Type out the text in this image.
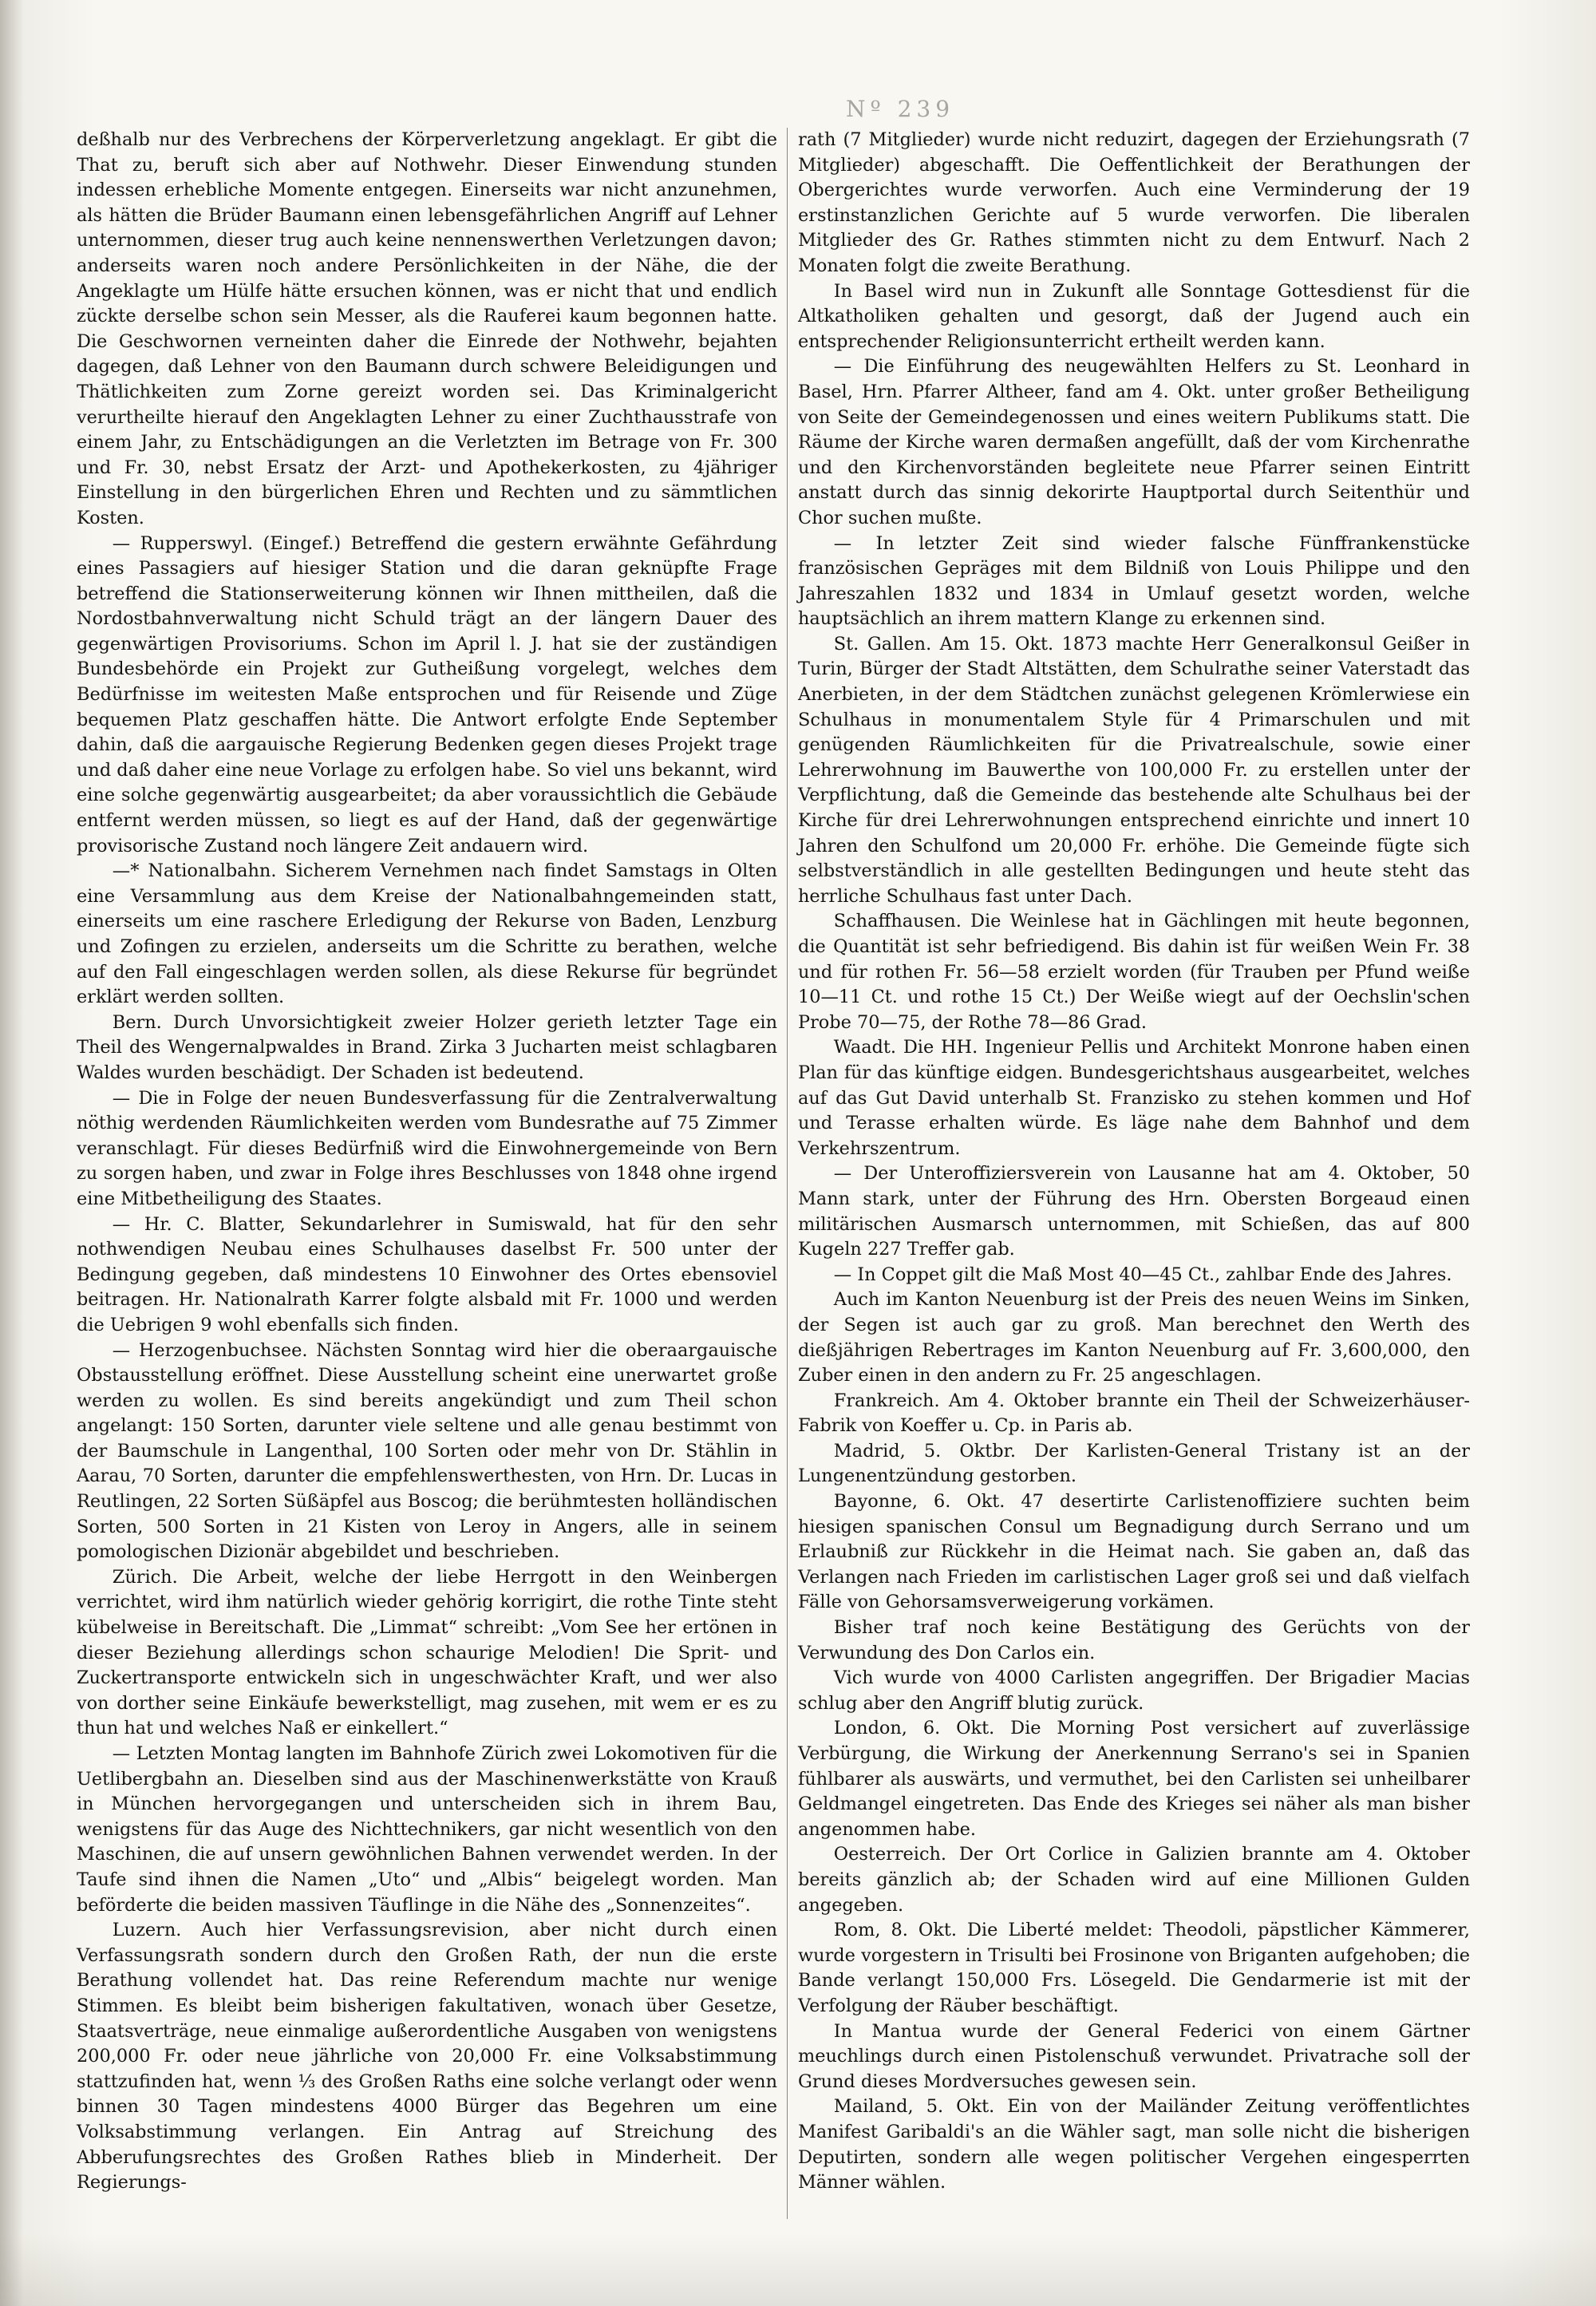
Nº 239

deßhalb nur des Verbrechens der Körperverletzung angeklagt. Er gibt die That zu, beruft sich aber auf Nothwehr. Dieser Einwendung stunden indessen erhebliche Momente entgegen. Einerseits war nicht anzunehmen, als hätten die Brüder Baumann einen lebensgefährlichen Angriff auf Lehner unternommen, dieser trug auch keine nennenswerthen Verletzungen davon; anderseits waren noch andere Persönlichkeiten in der Nähe, die der Angeklagte um Hülfe hätte ersuchen können, was er nicht that und endlich zückte derselbe schon sein Messer, als die Rauferei kaum begonnen hatte. Die Geschwornen verneinten daher die Einrede der Nothwehr, bejahten dagegen, daß Lehner von den Baumann durch schwere Beleidigungen und Thätlichkeiten zum Zorne gereizt worden sei. Das Kriminalgericht verurtheilte hierauf den Angeklagten Lehner zu einer Zuchthausstrafe von einem Jahr, zu Entschädigungen an die Verletzten im Betrage von Fr. 300 und Fr. 30, nebst Ersatz der Arzt- und Apothekerkosten, zu 4jähriger Einstellung in den bürgerlichen Ehren und Rechten und zu sämmtlichen Kosten.

— Rupperswyl. (Eingef.) Betreffend die gestern erwähnte Gefährdung eines Passagiers auf hiesiger Station und die daran geknüpfte Frage betreffend die Stationserweiterung können wir Ihnen mittheilen, daß die Nordostbahnverwaltung nicht Schuld trägt an der längern Dauer des gegenwärtigen Provisoriums. Schon im April l. J. hat sie der zuständigen Bundesbehörde ein Projekt zur Gutheißung vorgelegt, welches dem Bedürfnisse im weitesten Maße entsprochen und für Reisende und Züge bequemen Platz geschaffen hätte. Die Antwort erfolgte Ende September dahin, daß die aargauische Regierung Bedenken gegen dieses Projekt trage und daß daher eine neue Vorlage zu erfolgen habe. So viel uns bekannt, wird eine solche gegenwärtig ausgearbeitet; da aber voraussichtlich die Gebäude entfernt werden müssen, so liegt es auf der Hand, daß der gegenwärtige provisorische Zustand noch längere Zeit andauern wird.

—* Nationalbahn. Sicherem Vernehmen nach findet Samstags in Olten eine Versammlung aus dem Kreise der Nationalbahngemeinden statt, einerseits um eine raschere Erledigung der Rekurse von Baden, Lenzburg und Zofingen zu erzielen, anderseits um die Schritte zu berathen, welche auf den Fall eingeschlagen werden sollen, als diese Rekurse für begründet erklärt werden sollten.

Bern. Durch Unvorsichtigkeit zweier Holzer gerieth letzter Tage ein Theil des Wengernalpwaldes in Brand. Zirka 3 Jucharten meist schlagbaren Waldes wurden beschädigt. Der Schaden ist bedeutend.

— Die in Folge der neuen Bundesverfassung für die Zentralverwaltung nöthig werdenden Räumlichkeiten werden vom Bundesrathe auf 75 Zimmer veranschlagt. Für dieses Bedürfniß wird die Einwohnergemeinde von Bern zu sorgen haben, und zwar in Folge ihres Beschlusses von 1848 ohne irgend eine Mitbetheiligung des Staates.

— Hr. C. Blatter, Sekundarlehrer in Sumiswald, hat für den sehr nothwendigen Neubau eines Schulhauses daselbst Fr. 500 unter der Bedingung gegeben, daß mindestens 10 Einwohner des Ortes ebensoviel beitragen. Hr. Nationalrath Karrer folgte alsbald mit Fr. 1000 und werden die Uebrigen 9 wohl ebenfalls sich finden.

— Herzogenbuchsee. Nächsten Sonntag wird hier die oberaargauische Obstausstellung eröffnet. Diese Ausstellung scheint eine unerwartet große werden zu wollen. Es sind bereits angekündigt und zum Theil schon angelangt: 150 Sorten, darunter viele seltene und alle genau bestimmt von der Baumschule in Langenthal, 100 Sorten oder mehr von Dr. Stählin in Aarau, 70 Sorten, darunter die empfehlenswerthesten, von Hrn. Dr. Lucas in Reutlingen, 22 Sorten Süßäpfel aus Boscog; die berühmtesten holländischen Sorten, 500 Sorten in 21 Kisten von Leroy in Angers, alle in seinem pomologischen Dizionär abgebildet und beschrieben.

Zürich. Die Arbeit, welche der liebe Herrgott in den Weinbergen verrichtet, wird ihm natürlich wieder gehörig korrigirt, die rothe Tinte steht kübelweise in Bereitschaft. Die „Limmat“ schreibt: „Vom See her ertönen in dieser Beziehung allerdings schon schaurige Melodien! Die Sprit- und Zuckertransporte entwickeln sich in ungeschwächter Kraft, und wer also von dorther seine Einkäufe bewerkstelligt, mag zusehen, mit wem er es zu thun hat und welches Naß er einkellert.“

— Letzten Montag langten im Bahnhofe Zürich zwei Lokomotiven für die Uetlibergbahn an. Dieselben sind aus der Maschinenwerkstätte von Krauß in München hervorgegangen und unterscheiden sich in ihrem Bau, wenigstens für das Auge des Nichttechnikers, gar nicht wesentlich von den Maschinen, die auf unsern gewöhnlichen Bahnen verwendet werden. In der Taufe sind ihnen die Namen „Uto“ und „Albis“ beigelegt worden. Man beförderte die beiden massiven Täuflinge in die Nähe des „Sonnenzeites“.

Luzern. Auch hier Verfassungsrevision, aber nicht durch einen Verfassungsrath sondern durch den Großen Rath, der nun die erste Berathung vollendet hat. Das reine Referendum machte nur wenige Stimmen. Es bleibt beim bisherigen fakultativen, wonach über Gesetze, Staatsverträge, neue einmalige außerordentliche Ausgaben von wenigstens 200,000 Fr. oder neue jährliche von 20,000 Fr. eine Volksabstimmung stattzufinden hat, wenn ⅓ des Großen Raths eine solche verlangt oder wenn binnen 30 Tagen mindestens 4000 Bürger das Begehren um eine Volksabstimmung verlangen. Ein Antrag auf Streichung des Abberufungsrechtes des Großen Rathes blieb in Minderheit. Der Regierungs-

rath (7 Mitglieder) wurde nicht reduzirt, dagegen der Erziehungsrath (7 Mitglieder) abgeschafft. Die Oeffentlichkeit der Berathungen der Obergerichtes wurde verworfen. Auch eine Verminderung der 19 erstinstanzlichen Gerichte auf 5 wurde verworfen. Die liberalen Mitglieder des Gr. Rathes stimmten nicht zu dem Entwurf. Nach 2 Monaten folgt die zweite Berathung.

In Basel wird nun in Zukunft alle Sonntage Gottesdienst für die Altkatholiken gehalten und gesorgt, daß der Jugend auch ein entsprechender Religionsunterricht ertheilt werden kann.

— Die Einführung des neugewählten Helfers zu St. Leonhard in Basel, Hrn. Pfarrer Altheer, fand am 4. Okt. unter großer Betheiligung von Seite der Gemeindegenossen und eines weitern Publikums statt. Die Räume der Kirche waren dermaßen angefüllt, daß der vom Kirchenrathe und den Kirchenvorständen begleitete neue Pfarrer seinen Eintritt anstatt durch das sinnig dekorirte Hauptportal durch Seitenthür und Chor suchen mußte.

— In letzter Zeit sind wieder falsche Fünffrankenstücke französischen Gepräges mit dem Bildniß von Louis Philippe und den Jahreszahlen 1832 und 1834 in Umlauf gesetzt worden, welche hauptsächlich an ihrem mattern Klange zu erkennen sind.

St. Gallen. Am 15. Okt. 1873 machte Herr Generalkonsul Geißer in Turin, Bürger der Stadt Altstätten, dem Schulrathe seiner Vaterstadt das Anerbieten, in der dem Städtchen zunächst gelegenen Krömlerwiese ein Schulhaus in monumentalem Style für 4 Primarschulen und mit genügenden Räumlichkeiten für die Privatrealschule, sowie einer Lehrerwohnung im Bauwerthe von 100,000 Fr. zu erstellen unter der Verpflichtung, daß die Gemeinde das bestehende alte Schulhaus bei der Kirche für drei Lehrerwohnungen entsprechend einrichte und innert 10 Jahren den Schulfond um 20,000 Fr. erhöhe. Die Gemeinde fügte sich selbstverständlich in alle gestellten Bedingungen und heute steht das herrliche Schulhaus fast unter Dach.

Schaffhausen. Die Weinlese hat in Gächlingen mit heute begonnen, die Quantität ist sehr befriedigend. Bis dahin ist für weißen Wein Fr. 38 und für rothen Fr. 56—58 erzielt worden (für Trauben per Pfund weiße 10—11 Ct. und rothe 15 Ct.) Der Weiße wiegt auf der Oechslin'schen Probe 70—75, der Rothe 78—86 Grad.

Waadt. Die HH. Ingenieur Pellis und Architekt Monrone haben einen Plan für das künftige eidgen. Bundesgerichtshaus ausgearbeitet, welches auf das Gut David unterhalb St. Franzisko zu stehen kommen und Hof und Terasse erhalten würde. Es läge nahe dem Bahnhof und dem Verkehrszentrum.

— Der Unteroffiziersverein von Lausanne hat am 4. Oktober, 50 Mann stark, unter der Führung des Hrn. Obersten Borgeaud einen militärischen Ausmarsch unternommen, mit Schießen, das auf 800 Kugeln 227 Treffer gab.

— In Coppet gilt die Maß Most 40—45 Ct., zahlbar Ende des Jahres.

Auch im Kanton Neuenburg ist der Preis des neuen Weins im Sinken, der Segen ist auch gar zu groß. Man berechnet den Werth des dießjährigen Rebertrages im Kanton Neuenburg auf Fr. 3,600,000, den Zuber einen in den andern zu Fr. 25 angeschlagen.

Frankreich. Am 4. Oktober brannte ein Theil der Schweizerhäuser-Fabrik von Koeffer u. Cp. in Paris ab.

Madrid, 5. Oktbr. Der Karlisten-General Tristany ist an der Lungenentzündung gestorben.

Bayonne, 6. Okt. 47 desertirte Carlistenoffiziere suchten beim hiesigen spanischen Consul um Begnadigung durch Serrano und um Erlaubniß zur Rückkehr in die Heimat nach. Sie gaben an, daß das Verlangen nach Frieden im carlistischen Lager groß sei und daß vielfach Fälle von Gehorsamsverweigerung vorkämen.

Bisher traf noch keine Bestätigung des Gerüchts von der Verwundung des Don Carlos ein.

Vich wurde von 4000 Carlisten angegriffen. Der Brigadier Macias schlug aber den Angriff blutig zurück.

London, 6. Okt. Die Morning Post versichert auf zuverlässige Verbürgung, die Wirkung der Anerkennung Serrano's sei in Spanien fühlbarer als auswärts, und vermuthet, bei den Carlisten sei unheilbarer Geldmangel eingetreten. Das Ende des Krieges sei näher als man bisher angenommen habe.

Oesterreich. Der Ort Corlice in Galizien brannte am 4. Oktober bereits gänzlich ab; der Schaden wird auf eine Millionen Gulden angegeben.

Rom, 8. Okt. Die Liberté meldet: Theodoli, päpstlicher Kämmerer, wurde vorgestern in Trisulti bei Frosinone von Briganten aufgehoben; die Bande verlangt 150,000 Frs. Lösegeld. Die Gendarmerie ist mit der Verfolgung der Räuber beschäftigt.

In Mantua wurde der General Federici von einem Gärtner meuchlings durch einen Pistolenschuß verwundet. Privatrache soll der Grund dieses Mordversuches gewesen sein.

Mailand, 5. Okt. Ein von der Mailänder Zeitung veröffentlichtes Manifest Garibaldi's an die Wähler sagt, man solle nicht die bisherigen Deputirten, sondern alle wegen politischer Vergehen eingesperrten Männer wählen.
